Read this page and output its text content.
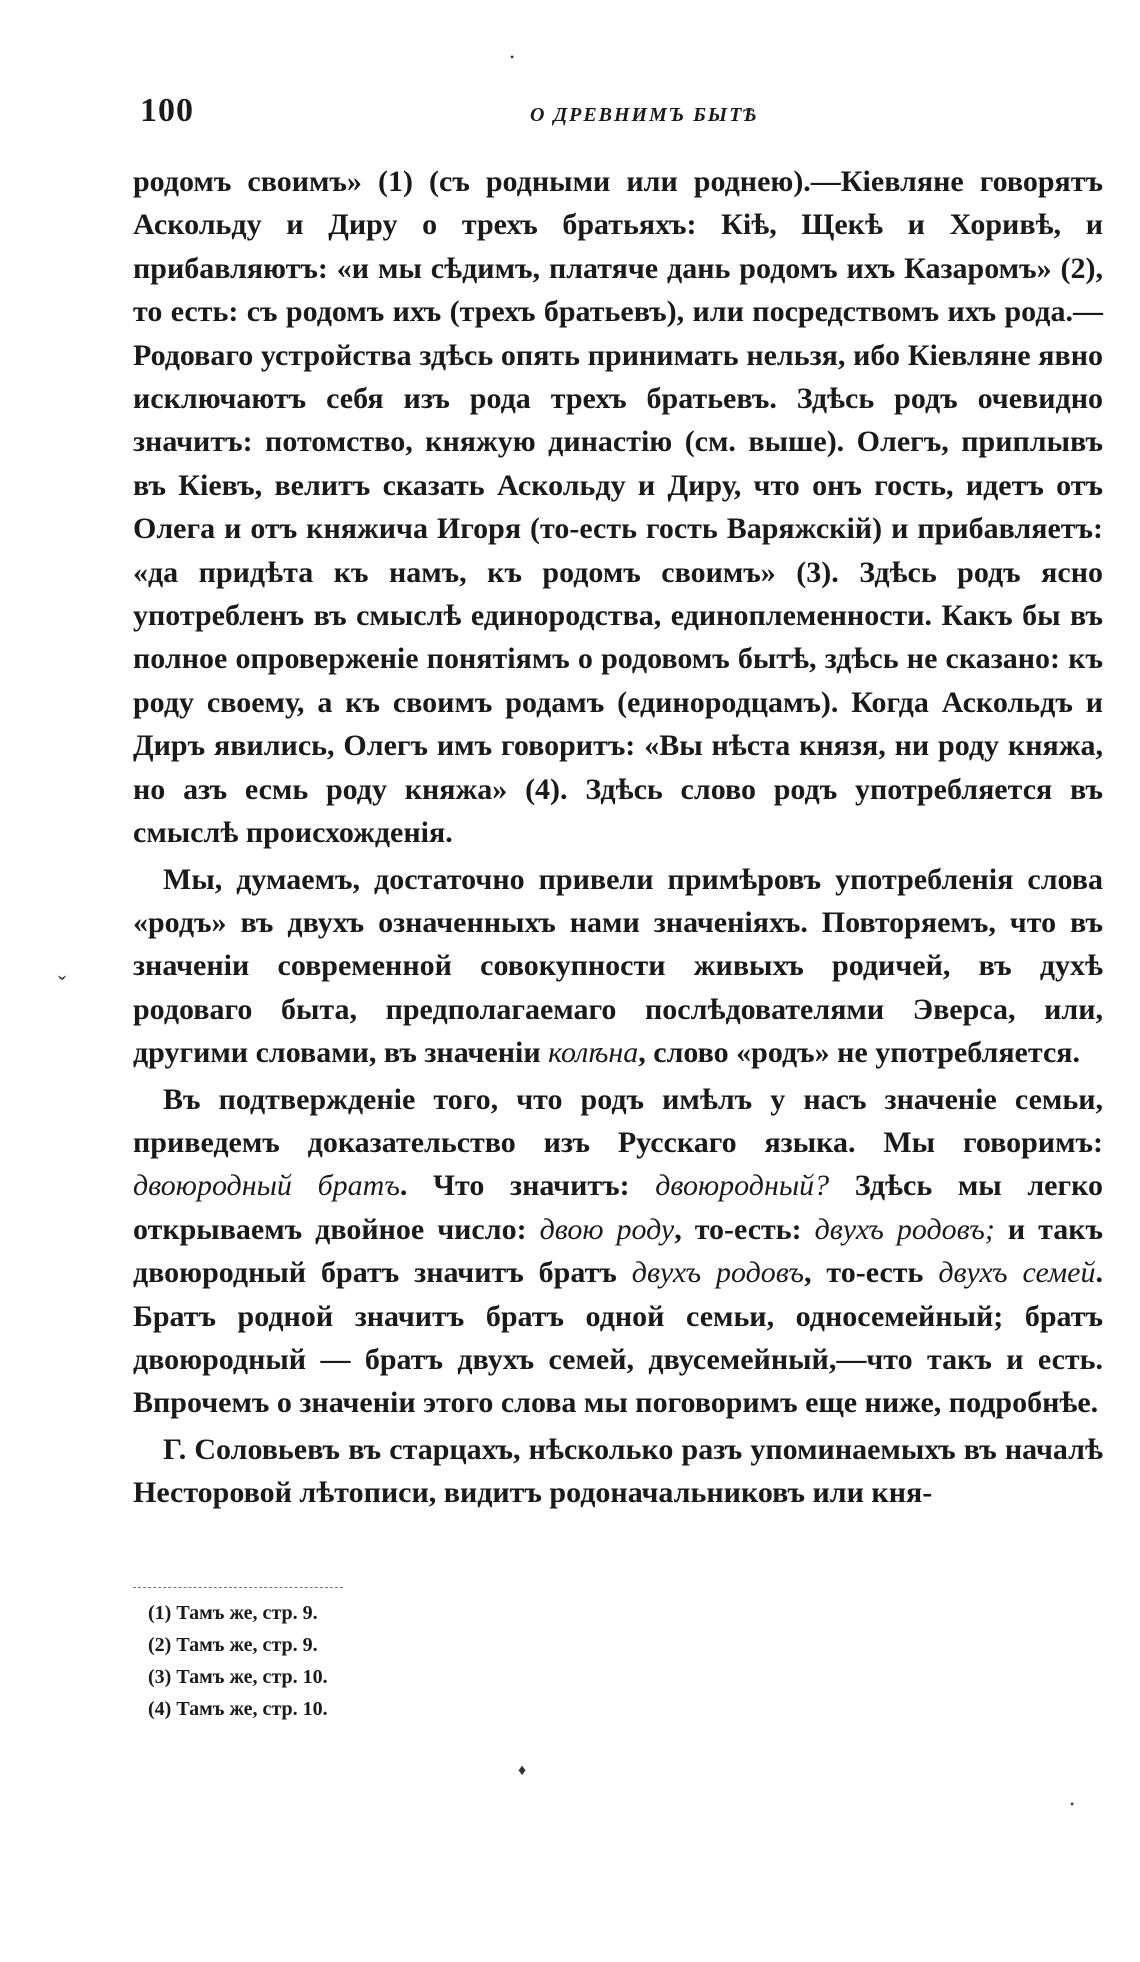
•
100	О ДРЕВНИМЪ БЫТѢ
ˇ

родомъ своимъ» (1) (съ родными или роднею).—Кіевляне говорятъ Аскольду и Диру о трехъ братьяхъ: Кіѣ, Щекѣ и Хоривѣ, и прибавляютъ: «и мы сѣдимъ, платяче дань родомъ ихъ Казаромъ» (2), то есть: съ родомъ ихъ (трехъ братьевъ), или посредствомъ ихъ рода.—Родоваго устройства здѣсь опять принимать нельзя, ибо Кіевляне явно исключаютъ себя изъ рода трехъ братьевъ. Здѣсь родъ очевидно значитъ: потомство, княжую династію (см. выше). Олегъ, приплывъ въ Кіевъ, велитъ сказать Аскольду и Диру, что онъ гость, идетъ отъ Олега и отъ княжича Игоря (то-есть гость Варяжскій) и прибавляетъ: «да придѣта къ намъ, къ родомъ своимъ» (3). Здѣсь родъ ясно употребленъ въ смыслѣ единородства, единоплеменности. Какъ бы въ полное опроверженіе понятіямъ о родовомъ бытѣ, здѣсь не сказано: къ роду своему, а къ своимъ родамъ (единородцамъ). Когда Аскольдъ и Диръ явились, Олегъ имъ говоритъ: «Вы нѣста князя, ни роду княжа, но азъ есмь роду княжа» (4). Здѣсь слово родъ употребляется въ смыслѣ происхожденія.

Мы, думаемъ, достаточно привели примѣровъ употребленія слова «родъ» въ двухъ означенныхъ нами значеніяхъ. Повторяемъ, что въ значеніи современной совокупности живыхъ родичей, въ духѣ родоваго быта, предполагаемаго послѣдователями Эверса, или, другими словами, въ значеніи колѣна, слово «родъ» не употребляется.

Въ подтвержденіе того, что родъ имѣлъ у насъ значеніе семьи, приведемъ доказательство изъ Русскаго языка. Мы говоримъ: двоюродный братъ. Что значитъ: двоюродный? Здѣсь мы легко открываемъ двойное число: двою роду, то-есть: двухъ родовъ; и такъ двоюродный братъ значитъ братъ двухъ родовъ, то-есть двухъ семей. Братъ родной значитъ братъ одной семьи, односемейный; братъ двоюродный — братъ двухъ семей, двусемейный,—что такъ и есть. Впрочемъ о значеніи этого слова мы поговоримъ еще ниже, подробнѣе.

Г. Соловьевъ въ старцахъ, нѣсколько разъ упоминаемыхъ въ началѣ Несторовой лѣтописи, видитъ родоначальниковъ или кня-

(1) Тамъ же, стр. 9.
(2) Тамъ же, стр. 9.
(3) Тамъ же, стр. 10.
(4) Тамъ же, стр. 10.
♦
•
